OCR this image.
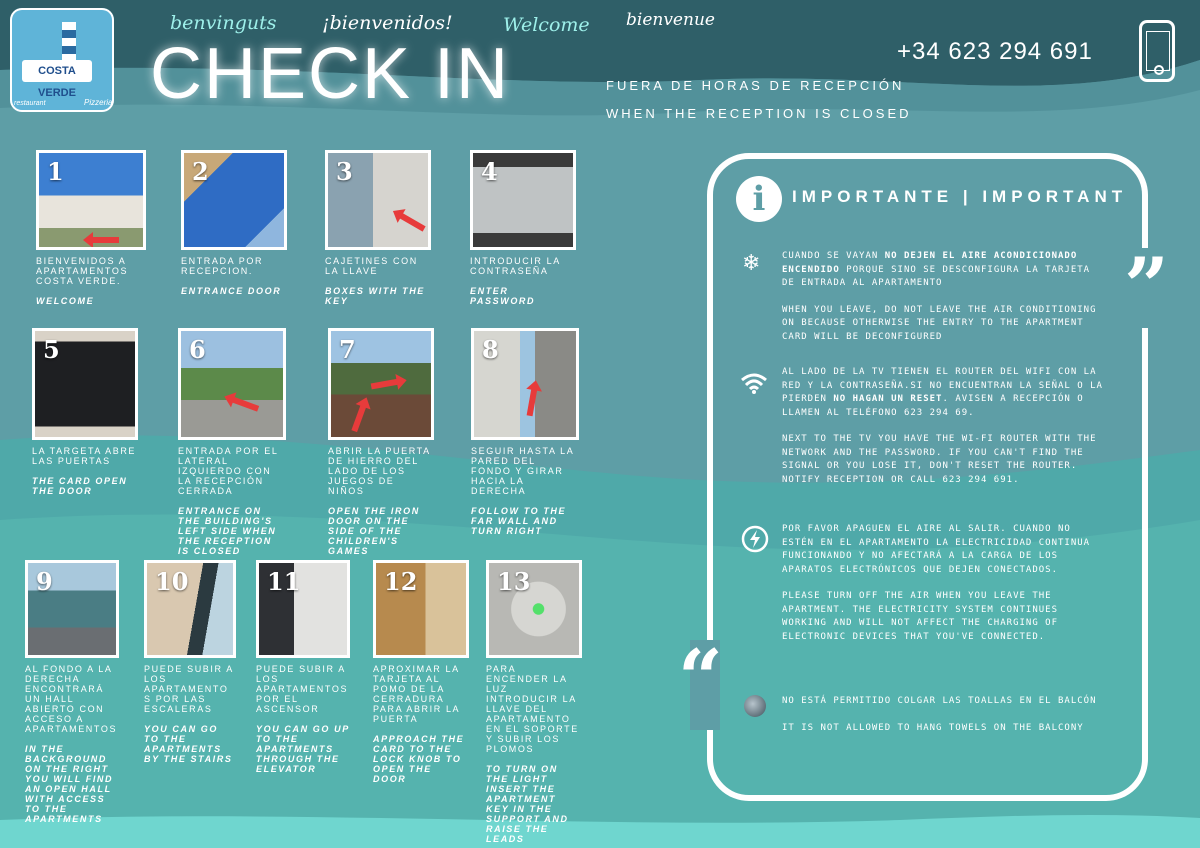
COSTA VERDE
restaurant	Pizzeria
benvinguts ¡bienvenidos!	Welcome bienvenue
CHECK IN	FUERA DE HORAS DE RECEPCIÓN
WHEN THE RECEPTION IS CLOSED
+34 623 294 691
1
BIENVENIDOS A APARTAMENTOS COSTA VERDE.
WELCOME
2
ENTRADA POR RECEPCION.
ENTRANCE DOOR
3
CAJETINES CON LA LLAVE
BOXES WITH THE KEY
4
INTRODUCIR LA CONTRASEÑA
ENTER PASSWORD
5
LA TARGETA ABRE LAS PUERTAS
THE CARD OPEN THE DOOR
6
ENTRADA POR EL LATERAL IZQUIERDO CON LA RECEPCIÓN CERRADA
ENTRANCE ON THE BUILDING'S LEFT SIDE WHEN THE RECEPTION IS CLOSED
7
ABRIR LA PUERTA DE HIERRO DEL LADO DE LOS JUEGOS DE NIÑOS
OPEN THE IRON DOOR ON THE SIDE OF THE CHILDREN'S GAMES
8
SEGUIR HASTA LA PARED DEL FONDO Y GIRAR HACIA LA DERECHA
FOLLOW TO THE FAR WALL AND TURN RIGHT
9
AL FONDO A LA DERECHA ENCONTRARÁ UN HALL ABIERTO CON ACCESO A APARTAMENTOS
IN THE BACKGROUND ON THE RIGHT YOU WILL FIND AN OPEN HALL WITH ACCESS TO THE APARTMENTS
10
PUEDE SUBIR A LOS APARTAMENTO S POR LAS ESCALERAS
YOU CAN GO TO THE APARTMENTS BY THE STAIRS
11
PUEDE SUBIR A LOS APARTAMENTOS POR EL ASCENSOR
YOU CAN GO UP TO THE APARTMENTS THROUGH THE ELEVATOR
12
APROXIMAR LA TARJETA AL POMO DE LA CERRADURA PARA ABRIR LA PUERTA
APPROACH THE CARD TO THE LOCK KNOB TO OPEN THE DOOR
13
PARA ENCENDER LA LUZ INTRODUCIR LA LLAVE DEL APARTAMENTO EN EL SOPORTE Y SUBIR LOS PLOMOS
TO TURN ON THE LIGHT INSERT THE APARTMENT KEY IN THE SUPPORT AND RAISE THE LEADS
”
“
i	IMPORTANTE | IMPORTANT
❄ CUANDO SE VAYAN NO DEJEN EL AIRE ACONDICIONADO ENCENDIDO PORQUE SINO SE DESCONFIGURA LA TARJETA DE ENTRADA AL APARTAMENTO

WHEN YOU LEAVE, DO NOT LEAVE THE AIR CONDITIONING ON BECAUSE OTHERWISE THE ENTRY TO THE APARTMENT CARD WILL BE DECONFIGURED

AL LADO DE LA TV TIENEN EL ROUTER DEL WIFI CON LA RED Y LA CONTRASEÑA.SI NO ENCUENTRAN LA SEÑAL O LA PIERDEN NO HAGAN UN RESET. AVISEN A RECEPCIÓN O LLAMEN AL TELÉFONO 623 294 69.

NEXT TO THE TV YOU HAVE THE WI-FI ROUTER WITH THE NETWORK AND THE PASSWORD. IF YOU CAN'T FIND THE SIGNAL OR YOU LOSE IT, DON'T RESET THE ROUTER. NOTIFY RECEPTION OR CALL 623 294 691.

POR FAVOR APAGUEN EL AIRE AL SALIR. CUANDO NO ESTÉN EN EL APARTAMENTO LA ELECTRICIDAD CONTINUA FUNCIONANDO Y NO AFECTARÁ A LA CARGA DE LOS APARATOS ELECTRÓNICOS QUE DEJEN CONECTADOS.

PLEASE TURN OFF THE AIR WHEN YOU LEAVE THE APARTMENT. THE ELECTRICITY SYSTEM CONTINUES WORKING AND WILL NOT AFFECT THE CHARGING OF ELECTRONIC DEVICES THAT YOU'VE CONNECTED.

NO ESTÁ PERMITIDO COLGAR LAS TOALLAS EN EL BALCÓN

IT IS NOT ALLOWED TO HANG TOWELS ON THE BALCONY
